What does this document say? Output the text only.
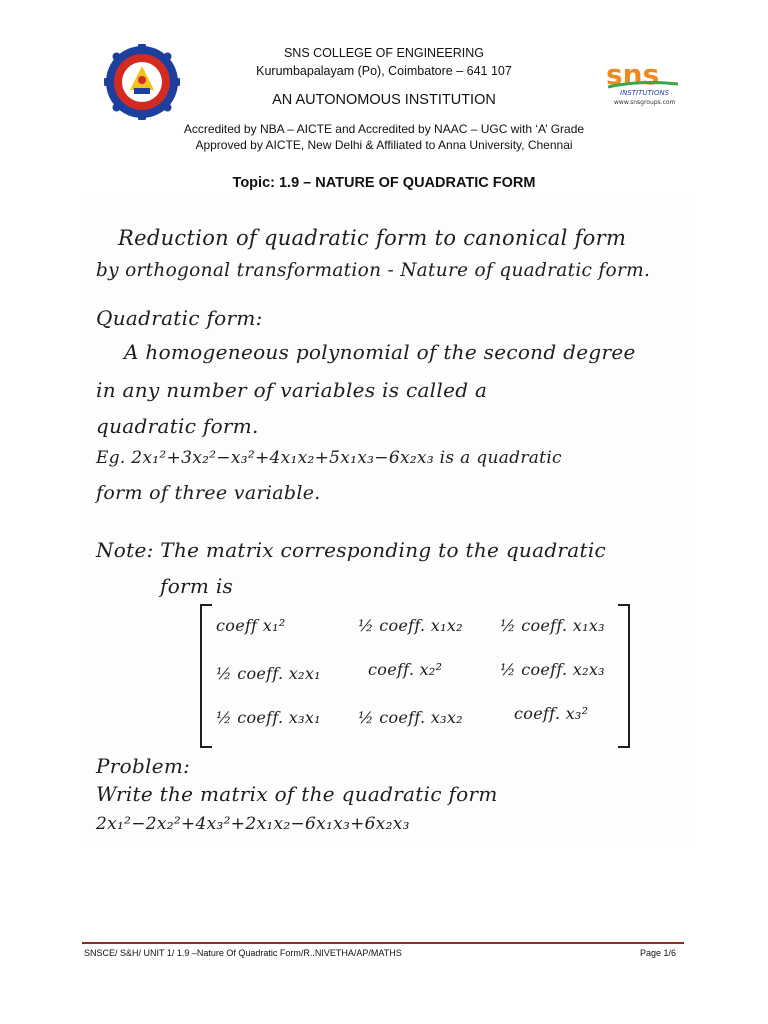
SNS COLLEGE OF ENGINEERING
Kurumbapalayam (Po), Coimbatore – 641 107
AN AUTONOMOUS INSTITUTION
Accredited by NBA – AICTE and Accredited by NAAC – UGC with ‘A’ Grade
Approved by AICTE, New Delhi & Affiliated to Anna University, Chennai
sns
INSTITUTIONS
www.snsgroups.com
Topic: 1.9 – NATURE OF QUADRATIC FORM
Reduction of quadratic form to canonical form
by orthogonal transformation - Nature of quadratic form.
Quadratic form:
A homogeneous polynomial of the second degree
in any number of variables is called a
quadratic form.
Eg. 2x₁²+3x₂²−x₃²+4x₁x₂+5x₁x₃−6x₂x₃ is a quadratic
form of three variable.
Note: The matrix corresponding to the quadratic
form is
coeff x₁²	½ coeff. x₁x₂ ½ coeff. x₁x₃
½ coeff. x₂x₁	coeff. x₂²	½ coeff. x₂x₃
½ coeff. x₃x₁ ½ coeff. x₃x₂	coeff. x₃²
Problem:
Write the matrix of the quadratic form
2x₁²−2x₂²+4x₃²+2x₁x₂−6x₁x₃+6x₂x₃
SNSCE/ S&H/ UNIT 1/ 1.9 –Nature Of Quadratic Form/R..NIVETHA/AP/MATHS	Page 1/6
